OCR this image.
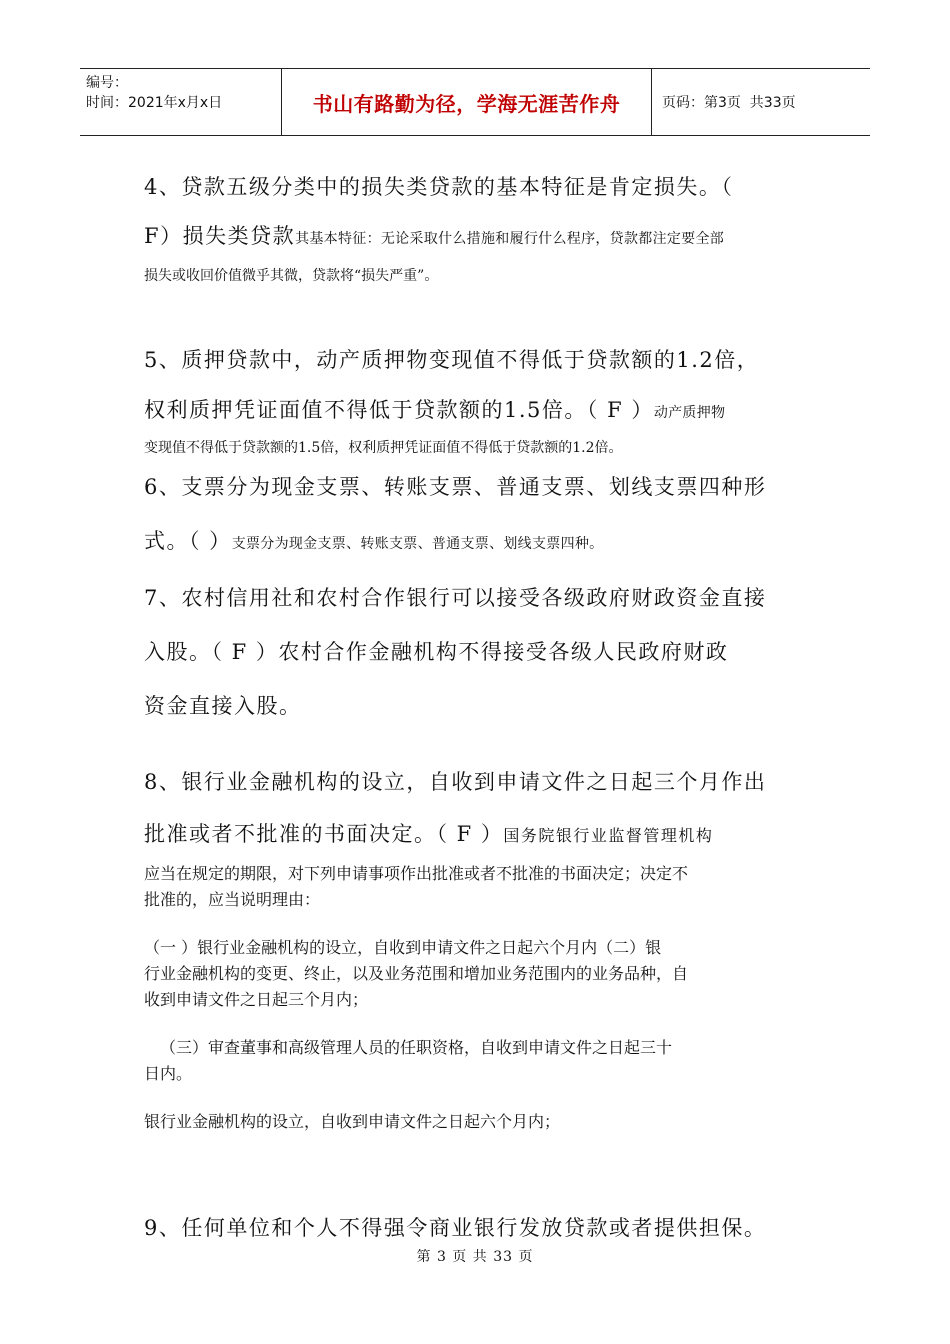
编号：
时间：2021年x月x日	书山有路勤为径，学海无涯苦作舟	页码：第3页  共33页

4、贷款五级分类中的损失类贷款的基本特征是肯定损失。（

F）损失类贷款其基本特征：无论采取什么措施和履行什么程序，贷款都注定要全部

损失或收回价值微乎其微，贷款将“损失严重”。

5、质押贷款中，动产质押物变现值不得低于贷款额的1.2倍，

权利质押凭证面值不得低于贷款额的1.5倍。（ F ）动产质押物

变现值不得低于贷款额的1.5倍，权利质押凭证面值不得低于贷款额的1.2倍。

6、支票分为现金支票、转账支票、普通支票、划线支票四种形

式。（ ）支票分为现金支票、转账支票、普通支票、划线支票四种。

7、农村信用社和农村合作银行可以接受各级政府财政资金直接

入股。（ F ）农村合作金融机构不得接受各级人民政府财政

资金直接入股。

8、银行业金融机构的设立，自收到申请文件之日起三个月作出

批准或者不批准的书面决定。（ F ）国务院银行业监督管理机构

应当在规定的期限，对下列申请事项作出批准或者不批准的书面决定；决定不

批准的，应当说明理由：

（一 ）银行业金融机构的设立，自收到申请文件之日起六个月内（二）银

行业金融机构的变更、终止，以及业务范围和增加业务范围内的业务品种，自

收到申请文件之日起三个月内；

（三）审查董事和高级管理人员的任职资格，自收到申请文件之日起三十

日内。

银行业金融机构的设立，自收到申请文件之日起六个月内；

9、任何单位和个人不得强令商业银行发放贷款或者提供担保。

第 3 页 共 33 页
